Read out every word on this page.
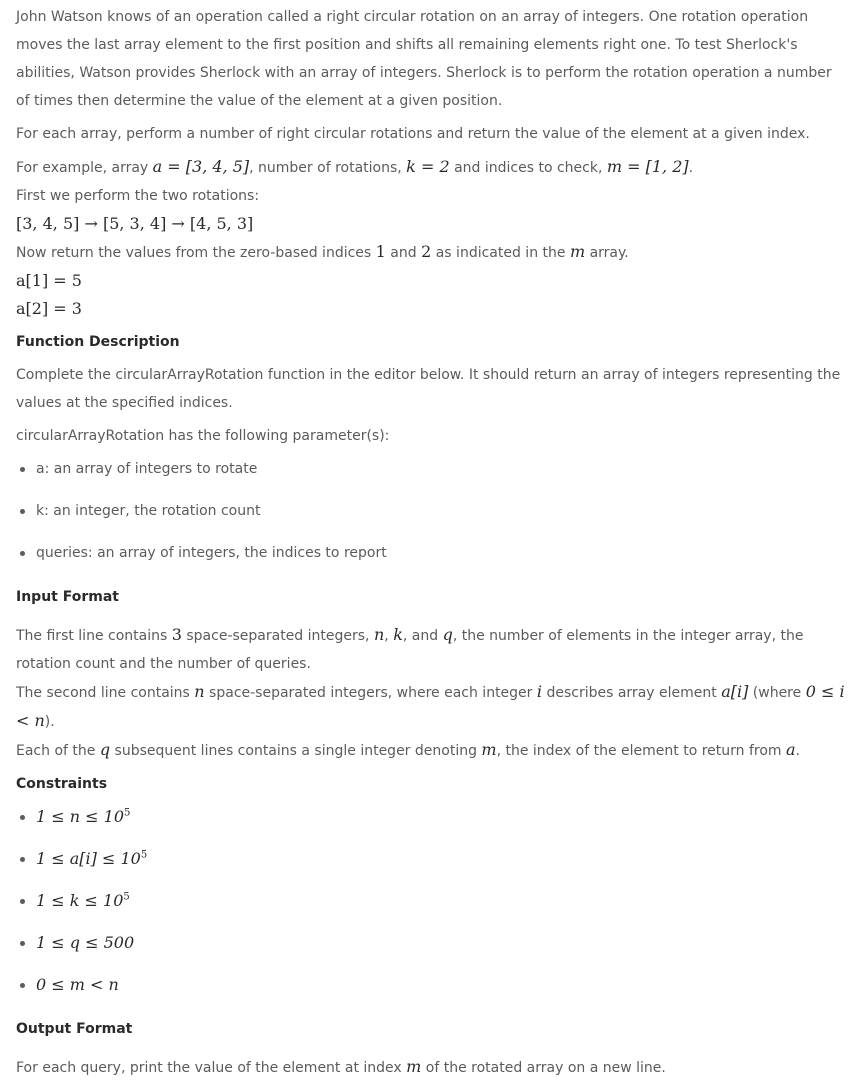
John Watson knows of an operation called a right circular rotation on an array of integers. One rotation operation moves the last array element to the first position and shifts all remaining elements right one. To test Sherlock's abilities, Watson provides Sherlock with an array of integers. Sherlock is to perform the rotation operation a number of times then determine the value of the element at a given position.

For each array, perform a number of right circular rotations and return the value of the element at a given index.

For example, array a = [3, 4, 5], number of rotations, k = 2 and indices to check, m = [1, 2].

First we perform the two rotations:

[3, 4, 5] → [5, 3, 4] → [4, 5, 3]

Now return the values from the zero-based indices 1 and 2 as indicated in the m array.

a[1] = 5

a[2] = 3

Function Description

Complete the circularArrayRotation function in the editor below. It should return an array of integers representing the values at the specified indices.

circularArrayRotation has the following parameter(s):

a: an array of integers to rotate
k: an integer, the rotation count
queries: an array of integers, the indices to report
Input Format

The first line contains 3 space-separated integers, n, k, and q, the number of elements in the integer array, the rotation count and the number of queries.

The second line contains n space-separated integers, where each integer i describes array element a[i] (where 0 ≤ i < n).

Each of the q subsequent lines contains a single integer denoting m, the index of the element to return from a.

Constraints
$1 \le n \le 10^5$
$1 \le a[i] \le 10^5$
$1 \le k \le 10^5$
1 ≤ q ≤ 500
0 ≤ m < n
Output Format

For each query, print the value of the element at index m of the rotated array on a new line.
